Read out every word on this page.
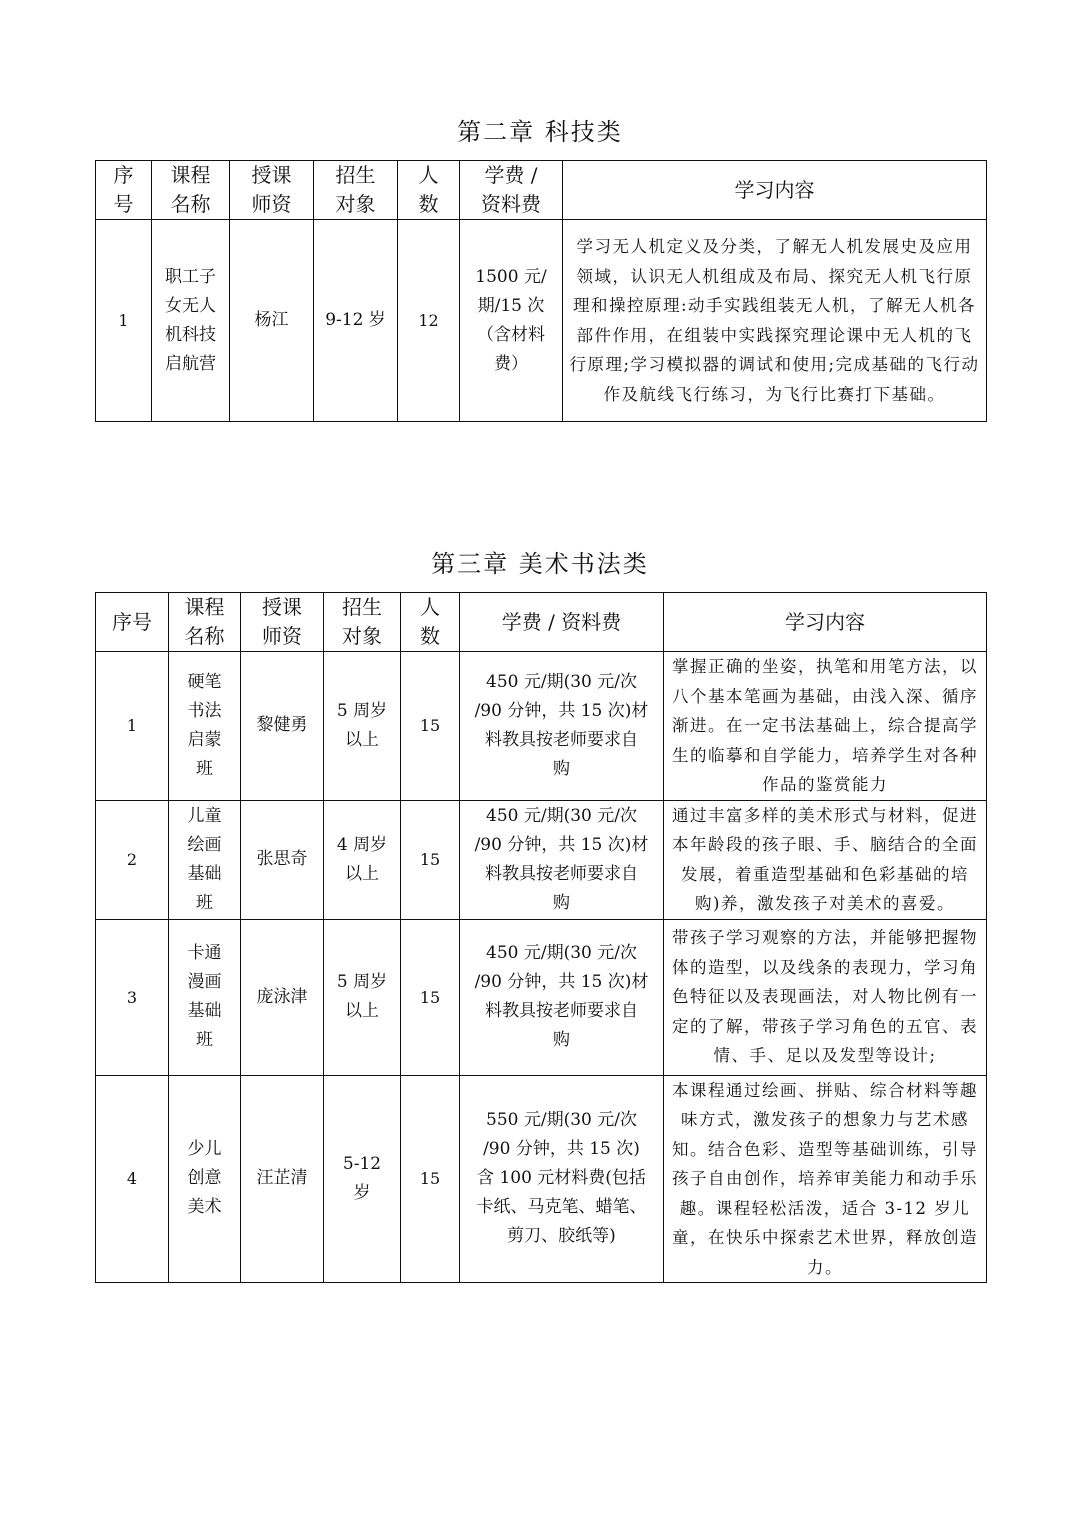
第二章 科技类
序
号	课程
名称	授课
师资	招生
对象	人
数	学费 /
资料费	学习内容
1	职工子
女无人
机科技
启航营	杨江	9-12 岁	12	1500 元/
期/15 次
（含材料
费）	学习无人机定义及分类，了解无人机发展史及应用领域，认识无人机组成及布局、探究无人机飞行原理和操控原理:动手实践组装无人机，了解无人机各部件作用，在组装中实践探究理论课中无人机的飞行原理;学习模拟器的调试和使用;完成基础的飞行动作及航线飞行练习，为飞行比赛打下基础。
第三章 美术书法类
序号	课程
名称	授课
师资	招生
对象	人
数	学费 / 资料费	学习内容
1	硬笔
书法
启蒙
班	黎健勇	5 周岁
以上	15	450 元/期(30 元/次
/90 分钟，共 15 次)材
料教具按老师要求自
购	掌握正确的坐姿，执笔和用笔方法，以八个基本笔画为基础，由浅入深、循序渐进。在一定书法基础上，综合提高学生的临摹和自学能力，培养学生对各种作品的鉴赏能力
2	儿童
绘画
基础
班	张思奇	4 周岁
以上	15	450 元/期(30 元/次
/90 分钟，共 15 次)材
料教具按老师要求自
购	通过丰富多样的美术形式与材料，促进本年龄段的孩子眼、手、脑结合的全面发展，着重造型基础和色彩基础的培购)养，激发孩子对美术的喜爱。
3	卡通
漫画
基础
班	庞泳津	5 周岁
以上	15	450 元/期(30 元/次
/90 分钟，共 15 次)材
料教具按老师要求自
购	带孩子学习观察的方法，并能够把握物体的造型，以及线条的表现力，学习角色特征以及表现画法，对人物比例有一定的了解，带孩子学习角色的五官、表情、手、足以及发型等设计;
4	少儿
创意
美术	汪芷清	5-12
岁	15	550 元/期(30 元/次
/90 分钟，共 15 次)
含 100 元材料费(包括
卡纸、马克笔、蜡笔、
剪刀、胶纸等)	本课程通过绘画、拼贴、综合材料等趣味方式，激发孩子的想象力与艺术感知。结合色彩、造型等基础训练，引导孩子自由创作，培养审美能力和动手乐趣。课程轻松活泼，适合 3-12 岁儿童，在快乐中探索艺术世界，释放创造力。
